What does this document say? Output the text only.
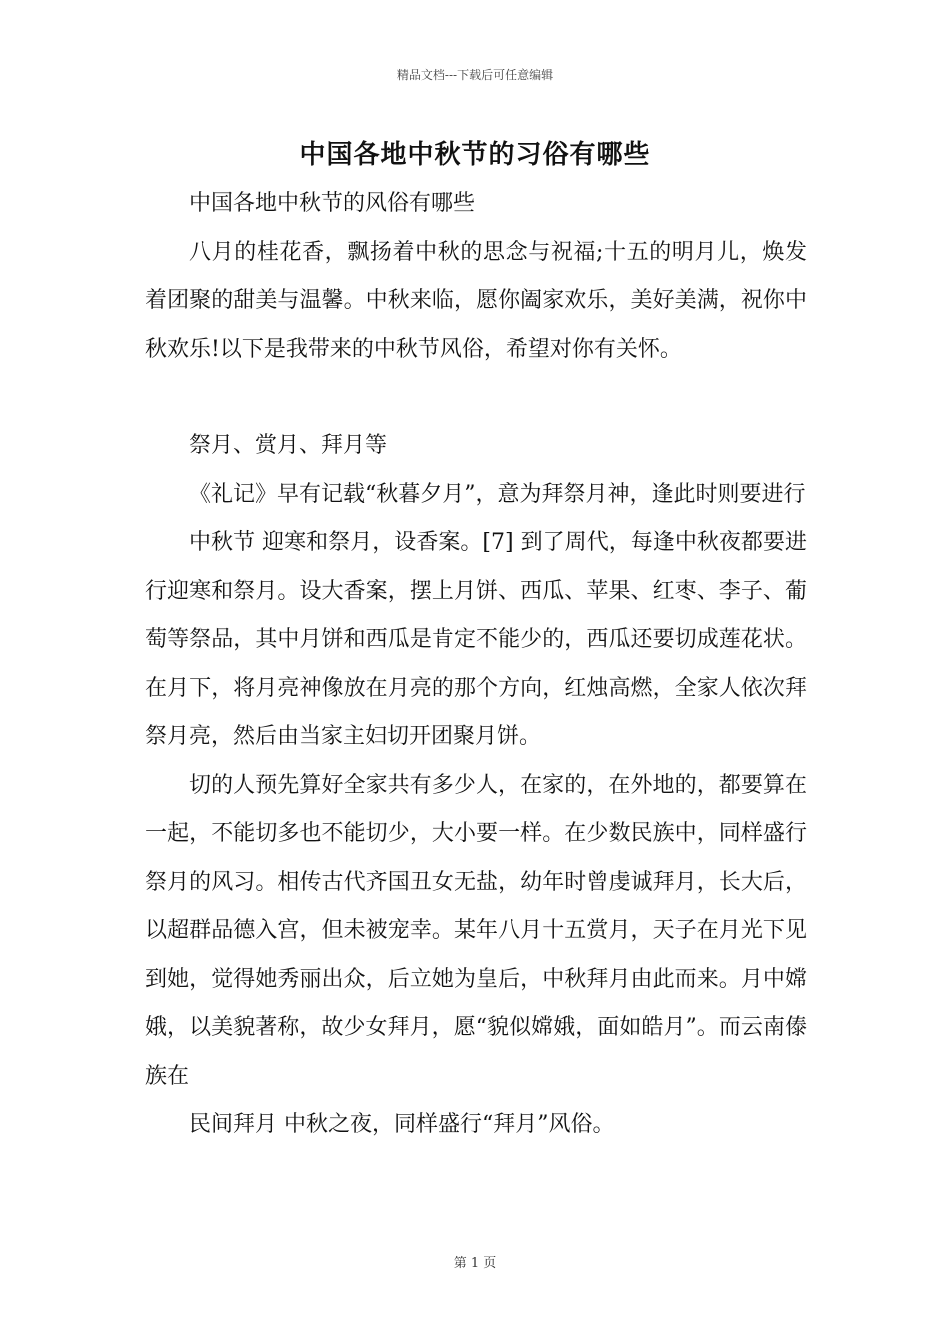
精品文档---下载后可任意编辑
中国各地中秋节的习俗有哪些

中国各地中秋节的风俗有哪些

八月的桂花香，飘扬着中秋的思念与祝福;十五的明月儿，焕发着团聚的甜美与温馨。中秋来临，愿你阖家欢乐，美好美满，祝你中秋欢乐!以下是我带来的中秋节风俗，希望对你有关怀。

祭月、赏月、拜月等

《礼记》早有记载“秋暮夕月”，意为拜祭月神，逢此时则要进行

中秋节 迎寒和祭月，设香案。[7] 到了周代，每逢中秋夜都要进行迎寒和祭月。设大香案，摆上月饼、西瓜、苹果、红枣、李子、葡萄等祭品，其中月饼和西瓜是肯定不能少的，西瓜还要切成莲花状。在月下，将月亮神像放在月亮的那个方向，红烛高燃，全家人依次拜祭月亮，然后由当家主妇切开团聚月饼。

切的人预先算好全家共有多少人，在家的，在外地的，都要算在一起，不能切多也不能切少，大小要一样。在少数民族中，同样盛行祭月的风习。相传古代齐国丑女无盐，幼年时曾虔诚拜月，长大后，以超群品德入宫，但未被宠幸。某年八月十五赏月，天子在月光下见到她，觉得她秀丽出众，后立她为皇后，中秋拜月由此而来。月中嫦娥，以美貌著称，故少女拜月，愿“貌似嫦娥，面如皓月”。而云南傣族在

民间拜月 中秋之夜，同样盛行“拜月”风俗。

第 1 页
